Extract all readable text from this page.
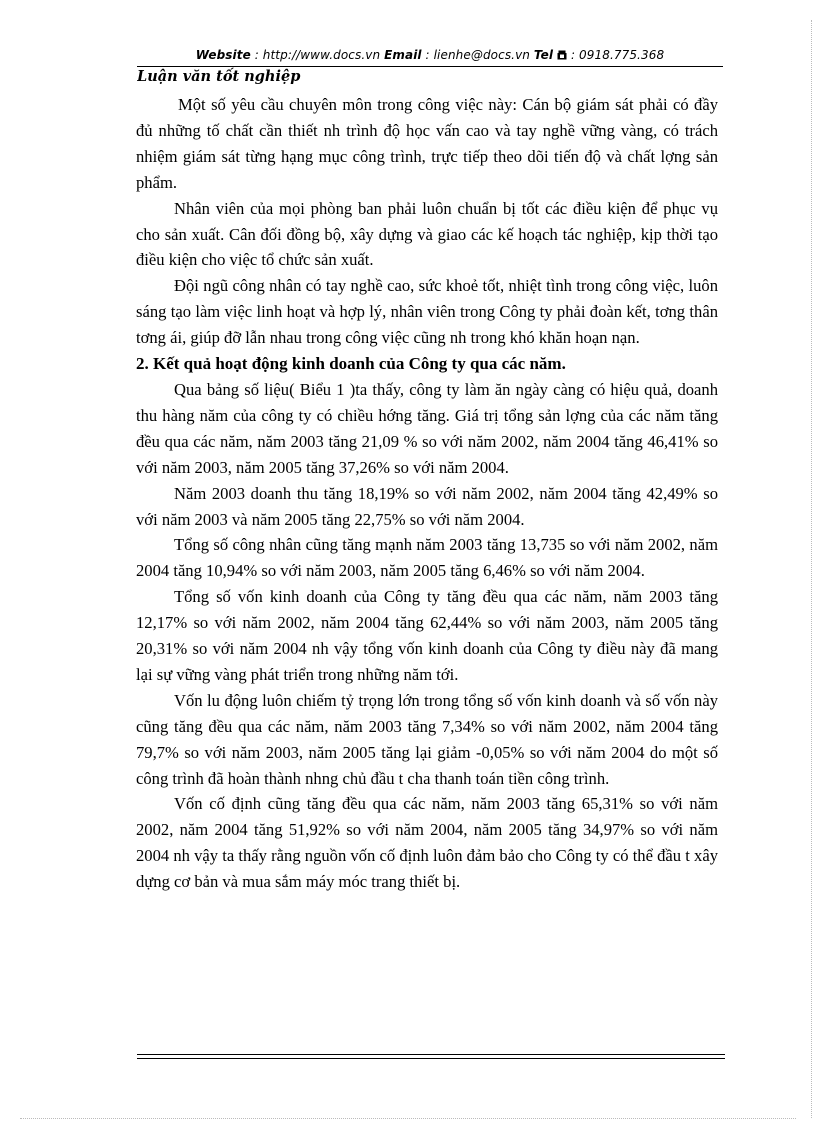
Website : http://www.docs.vn Email : lienhe@docs.vn Tel  : 0918.775.368
Luận văn tốt nghiệp

Một số yêu cầu chuyên môn trong công việc này: Cán bộ giám sát phải có đầy đủ những tố chất cần thiết nh trình độ học vấn cao và tay nghề vững vàng, có trách nhiệm giám sát từng hạng mục công trình, trực tiếp theo dõi tiến độ và chất lợng sản phẩm.

Nhân viên của mọi phòng ban phải luôn chuẩn bị tốt các điều kiện để phục vụ cho sản xuất. Cân đối đồng bộ, xây dựng và giao các kế hoạch tác nghiệp, kịp thời tạo điều kiện cho việc tổ chức sản xuất.

Đội ngũ công nhân có tay nghề cao, sức khoẻ tốt, nhiệt tình trong công việc, luôn sáng tạo làm việc linh hoạt và hợp lý, nhân viên trong Công ty phải đoàn kết, tơng thân tơng ái, giúp đỡ lẫn nhau trong công việc cũng nh trong khó khăn hoạn nạn.

2. Kết quả hoạt động kinh doanh của Công ty qua các năm.

Qua bảng số liệu( Biểu 1 )ta thấy, công ty làm ăn ngày càng có hiệu quả, doanh thu hàng năm của công ty có chiều hớng tăng. Giá trị tổng sản lợng của các năm tăng đều qua các năm, năm 2003 tăng 21,09 % so với năm 2002, năm 2004 tăng 46,41% so với năm 2003, năm 2005 tăng 37,26% so với năm 2004.

Năm 2003 doanh thu tăng 18,19% so với năm 2002, năm 2004 tăng 42,49% so với năm 2003 và năm 2005 tăng 22,75% so với năm 2004.

Tổng số công nhân cũng tăng mạnh năm 2003 tăng 13,735 so với năm 2002, năm 2004 tăng 10,94% so với năm 2003, năm 2005 tăng 6,46% so với năm 2004.

Tổng số vốn kinh doanh của Công ty tăng đều qua các năm, năm 2003 tăng 12,17% so với năm 2002, năm 2004 tăng 62,44% so với năm 2003, năm 2005 tăng 20,31% so với năm 2004 nh vậy tổng vốn kinh doanh của Công ty điều này đã mang lại sự vững vàng phát triển trong những năm tới.

Vốn lu động luôn chiếm tỷ trọng lớn trong tổng số vốn kinh doanh và số vốn này cũng tăng đều qua các năm, năm 2003 tăng 7,34% so với năm 2002, năm 2004 tăng 79,7% so với năm 2003, năm 2005 tăng lại giảm -0,05% so với năm 2004 do một số công trình đã hoàn thành nhng chủ đầu t cha thanh toán tiền công trình.

Vốn cố định cũng tăng đều qua các năm, năm 2003 tăng 65,31% so với năm 2002, năm 2004 tăng 51,92% so với năm 2004, năm 2005 tăng 34,97% so với năm 2004 nh vậy ta thấy rằng nguồn vốn cố định luôn đảm bảo cho Công ty có thể đầu t xây dựng cơ bản và mua sắm máy móc trang thiết bị.
